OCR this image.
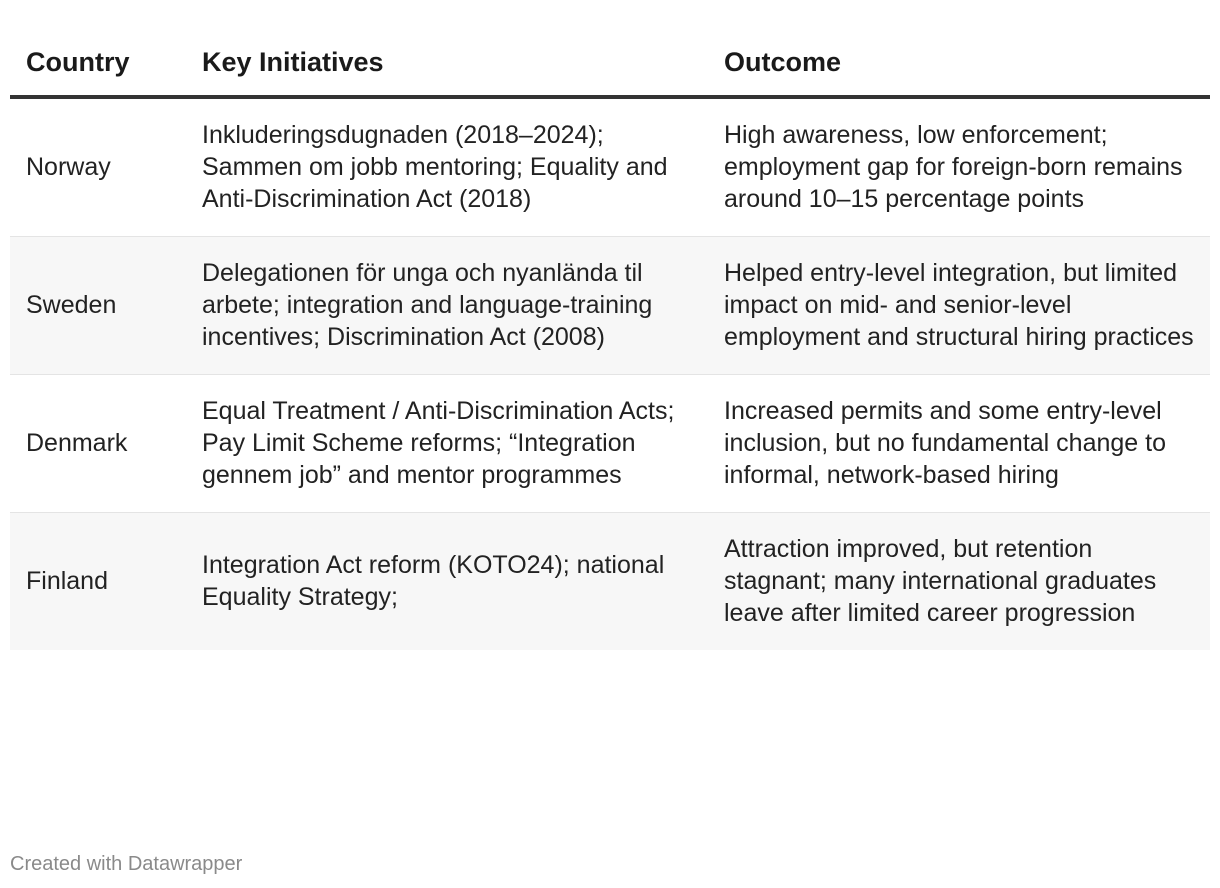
Country	Key Initiatives	Outcome
Norway	Inkluderingsdugnaden (2018–2024); Sammen om jobb mentoring; Equality and Anti-Discrimination Act (2018)	High awareness, low enforcement; employment gap for foreign-born remains around 10–15 percentage points
Sweden	Delegationen för unga och nyanlända til arbete; integration and language-training incentives; Discrimination Act (2008)	Helped entry-level integration, but limited impact on mid- and senior-level employment and structural hiring practices
Denmark	Equal Treatment / Anti-Discrimination Acts; Pay Limit Scheme reforms; “Integration gennem job” and mentor programmes	Increased permits and some entry-level inclusion, but no fundamental change to informal, network-based hiring
Finland	Integration Act reform (KOTO24); national Equality Strategy;	Attraction improved, but retention stagnant; many international graduates leave after limited career progression
Created with Datawrapper
